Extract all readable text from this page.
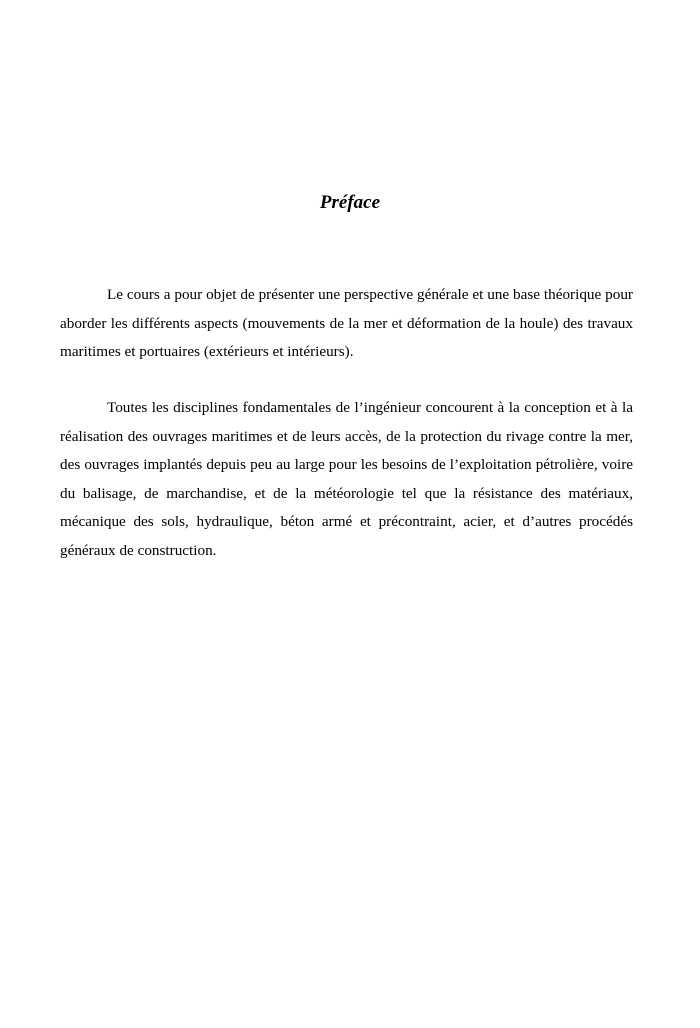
Préface

Le cours a pour objet de présenter une perspective générale et une base théorique pour aborder les différents aspects (mouvements de la mer et déformation de la houle) des travaux maritimes et portuaires (extérieurs et intérieurs).

Toutes les disciplines fondamentales de l’ingénieur concourent à la conception et à la réalisation des ouvrages maritimes et de leurs accès, de la protection du rivage contre la mer, des ouvrages implantés depuis peu au large pour les besoins de l’exploitation pétrolière, voire du balisage, de marchandise, et de la météorologie tel que la résistance des matériaux, mécanique des sols, hydraulique, béton armé et précontraint, acier, et d’autres procédés généraux de construction.
